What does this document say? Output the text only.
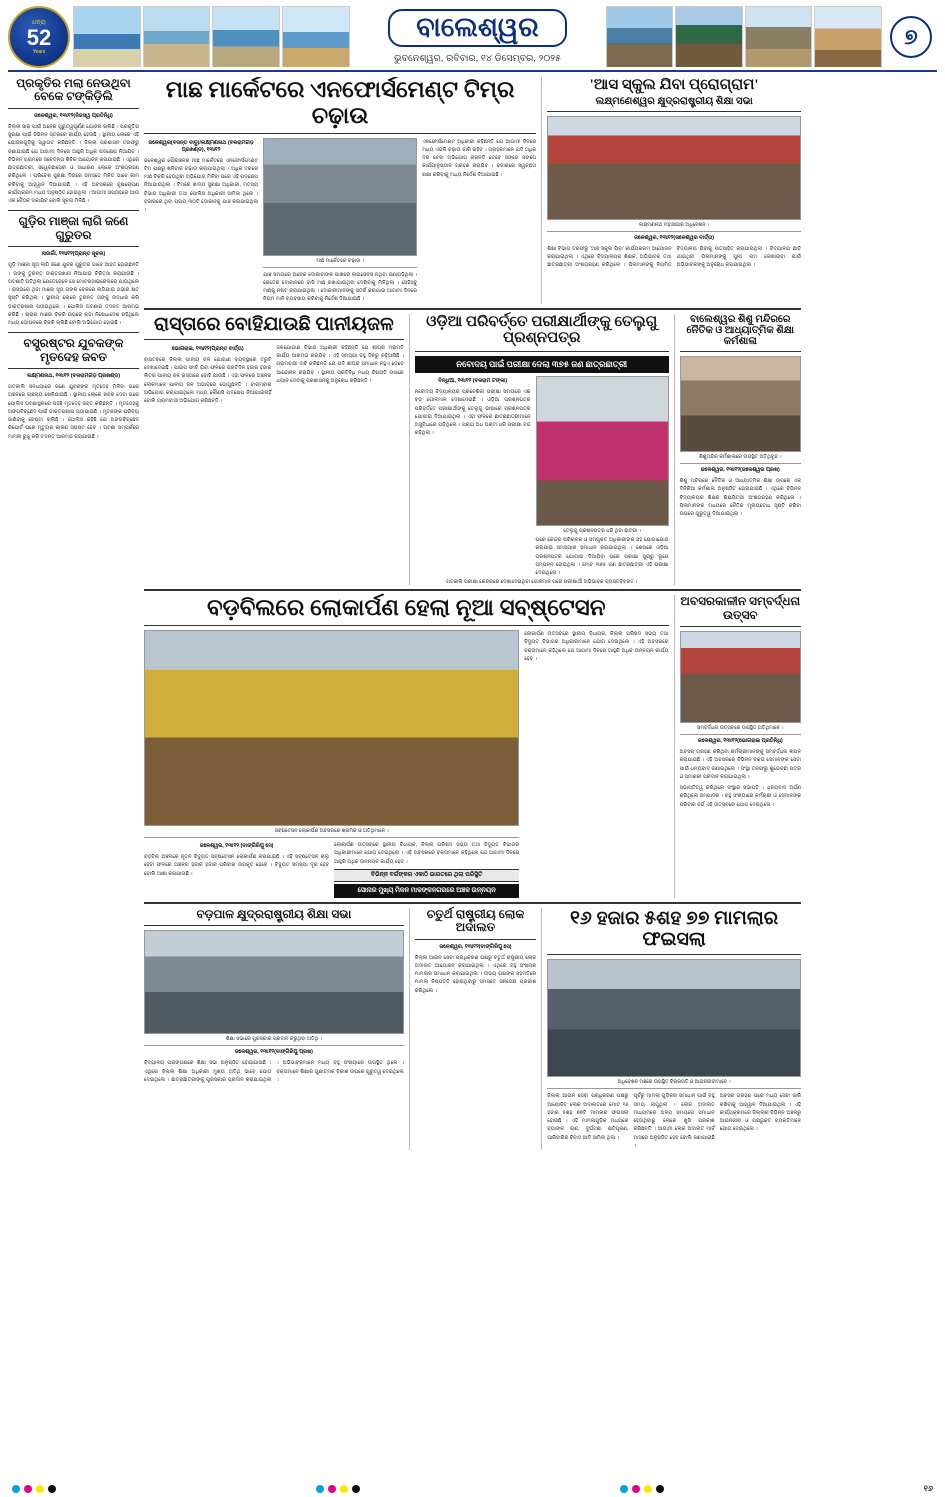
ଧନ୍ୟ
52
Years
ବାଲେଶ୍ୱର
ଭୁବନେଶ୍ୱର, ରବିବାର, ୧୪ ଡିସେମ୍ବର, ୨୦୨୫
୭
ପ୍ରକୃତିର ମଲା ନେଉଥିବା ବେକେ ଟଙ୍କିଡ଼ିଲି
ଜଳେଶ୍ୱର, ୧୩ା୧୨(ନିଜସ୍ୱ ପ୍ରତିନିଧି)
ଜିଲ୍ଲା ସାରା ପାଇଁ ଅନେକ ଗୁରୁତ୍ୱପୂର୍ଣ୍ଣ ଯୋଜନା ଚାଲିଛି । ପ୍ରକୃତିର ସୁରକ୍ଷା ପାଇଁ ବିଭିନ୍ନ ସ୍ତରରେ କାର୍ଯ୍ୟ ହେଉଛି । ସ୍ଥାନୀୟ ଲୋକେ ଏହି ଯୋଜନାଗୁଡ଼ିକୁ ସ୍ୱାଗତ କରିଛନ୍ତି । ଜିଲ୍ଲା ପ୍ରଶାସନ ତରଫରୁ ଜଣାଯାଇଛି ଯେ ଆଗାମୀ ଦିନରେ ଆହୁରି ଅଧିକ ପଦକ୍ଷେପ ନିଆଯିବ । ବିଭିନ୍ନ ଗ୍ରାମରେ ସଚେତନତା ଶିବିର ଆୟୋଜନ କରାଯାଇଛି । ଏଥିରେ ଛାତ୍ରଛାତ୍ରୀ, ସ୍ୱେଚ୍ଛାସେବୀ ଓ ସାଧାରଣ ଲୋକେ ଅଂଶଗ୍ରହଣ କରିଥିଲେ । ପରିବେଶ ସୁରକ୍ଷା ଦିଗରେ ସମସ୍ତେ ମିଳିତ ଭାବେ କାମ କରିବାକୁ ଆହ୍ୱାନ ଦିଆଯାଇଛି । ଏହି ଅବସରରେ ବୃକ୍ଷରୋପଣ କାର୍ଯ୍ୟକ୍ରମ ମଧ୍ୟ ଅନୁଷ୍ଠିତ ହୋଇଥିଲା । ଆଗାମୀ ସପ୍ତାହରେ ଆଉ ଏକ ବୈଠକ ଡକାଯିବ ବୋଲି ସୂଚନା ମିଳିଛି ।
ଗୁଡ଼ିର ମାଞ୍ଜା ଲାଗି ଜଣେ ଗୁରୁତର
ନାଉଗାଁ, ୧୩ା୧୨(ପ୍ରାନ୍ତ ସୂଚନା)
ଗୁଡ଼ି ମାଞ୍ଜା ସୂତା ଲାଗି ଜଣେ ଯୁବକ ଗୁରୁତର ଭାବେ ଆହତ ହୋଇଛନ୍ତି । ତାଙ୍କୁ ତୁରନ୍ତ ଡାକ୍ତରଖାନା ନିଆଯାଇ ଚିକିତ୍ସା କରାଯାଉଛି । ଘଟଣାଟି ଘଟିଥିଲା ଯେତେବେଳେ ସେ ମୋଟରସାଇକେଲରେ ଯାଉଥିଲେ । ରାସ୍ତାରେ ଥିବା ମାଞ୍ଜା ସୂତା ତାଙ୍କ ବେକରେ ଲାଗିଯାଇ ଗଭୀର କ୍ଷତ ସୃଷ୍ଟି କରିଥିଲା । ସ୍ଥାନୀୟ ଲୋକେ ତୁରନ୍ତ ତାଙ୍କୁ ଉଦ୍ଧାର କରି ଡାକ୍ତରଖାନା ପଠାଇଥିଲେ । ପୋଲିସ ଘଟଣାର ତଦନ୍ତ ଆରମ୍ଭ କରିଛି । ଚାଇନା ମାଞ୍ଜା ବିକ୍ରି ଉପରେ କଡ଼ା ନିଷେଧାଦେଶ ରହିଥିଲେ ମଧ୍ୟ ଗୋପନରେ ବିକ୍ରି ଚାଲିଛି ବୋଲି ଅଭିଯୋଗ ହୋଇଛି ।
ବସ୍ତ୍ରଷ୍ଟର ଯୁବକଙ୍କ ମୃତଦେହ ଜବତ
ଲକ୍ଷ୍ମଣନାଥ, ୧୩ା୧୨ (ବଳରାମଗଡ଼ ପ୍ରଖଣ୍ଡ)
ଗତକାଲି ସନ୍ଧ୍ୟାରେ ଜଣେ ଯୁବକଙ୍କ ମୃତଦେହ ମିଳିବା ପରେ ଅଞ୍ଚଳରେ ଚାଞ୍ଚଲ୍ୟ ଖେଳିଯାଇଛି । ସ୍ଥାନୀୟ ଲୋକେ ଖବର ଦେବା ପରେ ପୋଲିସ ଘଟଣାସ୍ଥଳରେ ପହଞ୍ଚି ମୃତଦେହ ଜବତ କରିଛନ୍ତି । ମୃତଦେହକୁ ଅଙ୍ଗବିଚ୍ଛେଦ ପାଇଁ ଡାକ୍ତରଖାନା ପଠାଯାଇଛି । ମୃତକଙ୍କ ପରିଚୟ ଜାଣିବାକୁ ଚେଷ୍ଟା ଚାଲିଛି । ପୋଲିସ କହିଛି ଯେ ଅଙ୍ଗବିଚ୍ଛେଦ ରିପୋର୍ଟ ପରେ ମୃତ୍ୟୁର କାରଣ ସ୍ପଷ୍ଟ ହେବ । ଘଟଣା ସମ୍ପର୍କରେ ମାମଲା ରୁଜୁ କରି ତଦନ୍ତ ଆରମ୍ଭ କରାଯାଇଛି ।
ମାଛ ମାର୍କେଟରେ ଏନଫୋର୍ସମେଣ୍ଟ ଟିମ୍‌ର ଚଢ଼ାଉ
ଜଳେଶ୍ୱର(ବସନ୍ତ ବାବୁ)/ଲକ୍ଷ୍ମଣନାଥ (ବଳରାମଗଡ଼ ପ୍ରଖଣ୍ଡ), ୧୩ା୧୨
ଜଳେଶ୍ୱର ପୌରାଞ୍ଚଳର ମାଛ ମାର୍କେଟରେ ଏନଫୋର୍ସମେଣ୍ଟ ଟିମ ପକ୍ଷରୁ ଶନିବାର ଚଢ଼ାଉ କରାଯାଇଥିଲା । ଅଧିକ ଦରରେ ମାଛ ବିକ୍ରି ହେଉଥିବା ଅଭିଯୋଗ ମିଳିବା ପରେ ଏହି ପଦକ୍ଷେପ ନିଆଯାଇଥିଲା । ଟିମ୍‌ରେ ଖାଦ୍ୟ ସୁରକ୍ଷା ଅଧିକାରୀ, ମତ୍ସ୍ୟ ବିଭାଗ ଅଧିକାରୀ ତଥା ପୋଲିସ ଅଧିକାରୀ ସାମିଲ ଥିଲେ । ବଜାରରେ ଥିବା ପ୍ରାୟ ୩୦ଟି ଦୋକାନକୁ ଯାଞ୍ଚ କରାଯାଇଥିଲା ।
ମାଛ ମାର୍କେଟରେ ଚଢ଼ାଉ ।
ଯାଞ୍ଚ ସମୟରେ ଅନେକ ଦୋକାନୀଙ୍କ ପାଖରେ ଲାଇସେନ୍ସ ନଥିବା ଜଣାପଡ଼ିଥିଲା । କେତେକ ଦୋକାନରେ ବାସି ମାଛ ରଖାଯାଇଥିବା ଦେଖିବାକୁ ମିଳିଥିଲା । ସେହିସବୁ ମାଛକୁ ନଷ୍ଟ କରାଯାଇଥିଲା । ଦୋକାନୀମାନଙ୍କୁ ସତର୍କ କରାଯାଇ ଆଗାମୀ ଦିନରେ ନିୟମ ମାନି ବ୍ୟବସାୟ କରିବାକୁ ନିର୍ଦ୍ଦେଶ ଦିଆଯାଇଛି ।
ଏନଫୋର୍ସମେଣ୍ଟ ଅଧିକାରୀ କହିଛନ୍ତି ଯେ ଆଗାମୀ ଦିନରେ ମଧ୍ୟ ଏଭଳି ଚଢ଼ାଉ ଜାରି ରହିବ । ଗ୍ରାହକମାନେ ଯଦି ଅଧିକ ଦର ନେବା ଅଭିଯୋଗ କରନ୍ତି ତେବେ ସଙ୍ଗେ ସଙ୍ଗେ କାର୍ଯ୍ୟାନୁଷ୍ଠାନ ଗ୍ରହଣ କରାଯିବ । ବଜାରରେ ସ୍ୱଚ୍ଛତା ରକ୍ଷା କରିବାକୁ ମଧ୍ୟ ନିର୍ଦ୍ଦେଶ ଦିଆଯାଇଛି ।
'ଆସ ସ୍କୁଲ ଯିବା ପ୍ରୋଗ୍ରାମ'
ଲକ୍ଷ୍ମଣେଶ୍ୱର କ୍ଷୁଦ୍ରରାଷ୍ଟ୍ରୀୟ ଶିକ୍ଷା ସଭା
ଲକ୍ଷ୍ମଣନାଥ ମହାସଭାର ଅଧିବେଶନ ।
ଜଳେଶ୍ୱର, ୧୩ା୧୨(ଜଳେଶ୍ୱର ବାର୍ତ୍ତା)
ଶିକ୍ଷା ବିଭାଗ ତରଫରୁ 'ଆସ ସ୍କୁଲ ଯିବା' କାର୍ଯ୍ୟକ୍ରମ ଆୟୋଜନ କରାଯାଇଥିଲା । ଏଥିରେ ବିଦ୍ୟାଳୟର ଶିକ୍ଷକ, ଅଭିଭାବକ ତଥା ଛାତ୍ରଛାତ୍ରୀ ଅଂଶଗ୍ରହଣ କରିଥିଲେ । ପିଲାମାନଙ୍କୁ ନିୟମିତ ବିଦ୍ୟାଳୟ ଯିବାକୁ ଉତ୍ସାହିତ କରାଯାଇଥିଲା । ବିଦ୍ୟାଳୟ ଛାଡ଼ି ଯାଇଥିବା ପିଲାମାନଙ୍କୁ ପୁନଃ ନାମ ଲେଖାଇବା ପାଇଁ ଅଭିଭାବକଙ୍କୁ ଅନୁରୋଧ କରାଯାଇଥିଲା ।
ରାସ୍ତାରେ ବୋହିଯାଉଛି ପାନୀୟଜଳ
ଭୋଗରାଇ, ୧୩ା୧୨(ପ୍ରାନ୍ତ ବାର୍ତ୍ତା)
ବାସ୍ତବରେ ଜିଲ୍ଲା ପାନୀୟ ଜଳ ଯୋଗାଣ ବ୍ୟବସ୍ଥାରେ ତ୍ରୁଟି ଦେଖାଦେଇଛି । ପାଇପ ଫାଟି ଯିବା ଫଳରେ ପ୍ରତିଦିନ ହଜାର ହଜାର ଲିଟର ପାନୀୟ ଜଳ ରାସ୍ତାରେ ବୋହି ଯାଉଛି । ଏହା ଫଳରେ ଅଞ୍ଚଳର ଲୋକମାନେ ପାନୀୟ ଜଳ ଅଭାବରେ ଭୋଗୁଛନ୍ତି । ବାରମ୍ବାର ଅଭିଯୋଗ କରାଯାଇଥିଲେ ମଧ୍ୟ କୌଣସି ପଦକ୍ଷେପ ନିଆଯାଇନାହିଁ ବୋଲି ଗ୍ରାମବାସୀ ଅଭିଯୋଗ କରିଛନ୍ତି ।
ଜଳଯୋଗାଣ ବିଭାଗ ଅଧିକାରୀ କହିଛନ୍ତି ଯେ ଶୀଘ୍ର ମରାମତି କାର୍ଯ୍ୟ ଆରମ୍ଭ କରାଯିବ । ଏହି ସମସ୍ୟା ବହୁ ଦିନରୁ ରହିଆସିଛି । ଗ୍ରାମବାସୀ ଦାବି କରିଛନ୍ତି ଯେ ଯଦି ଶୀଘ୍ର ସମାଧାନ ନହୁଏ ତେବେ ଆନ୍ଦୋଳନ କରାଯିବ । ସ୍ଥାନୀୟ ପ୍ରତିନିଧି ମଧ୍ୟ ବିଷୟଟି ଉପରେ ଧ୍ୟାନ ଦେବାକୁ ପ୍ରଶାସନକୁ ଅନୁରୋଧ କରିଛନ୍ତି ।
ଓଡ଼ିଆ ପରିବର୍ତ୍ତେ ପରୀକ୍ଷାର୍ଥୀଙ୍କୁ ତେଲୁଗୁ ପ୍ରଶ୍ନପତ୍ର
ନବୋଦୟ ପାଇଁ ପରୀକ୍ଷା ଦେଲା ୩୭୫ ଜଣ ଛାତ୍ରଛାତ୍ରୀ
ବିନ୍ଧିଆ, ୧୩ା୧୨ (ବଳରାମ ଟଙ୍କା)
ନବୋଦୟ ବିଦ୍ୟାଳୟର ପ୍ରବେଶିକା ପରୀକ୍ଷା ସମୟରେ ଏକ ବଡ଼ ଗୋଳମାଳ ଦେଖାଦେଇଛି । ଓଡ଼ିଆ ପ୍ରଶ୍ନପତ୍ର ପରିବର୍ତ୍ତେ ପରୀକ୍ଷାର୍ଥୀଙ୍କୁ ତେଲୁଗୁ ଭାଷାରେ ପ୍ରଶ୍ନପତ୍ର ଯୋଗାଇ ଦିଆଯାଇଥିଲା । ଏହା ଫଳରେ ଛାତ୍ରଛାତ୍ରୀମାନେ ଅସୁବିଧାରେ ପଡ଼ିଥିଲେ । ପ୍ରାୟ ଅଧ ଘଣ୍ଟା ଧରି ପରୀକ୍ଷା ବନ୍ଦ ରହିଥିଲା ।
ତେଲୁଗୁ ପ୍ରଶ୍ନପତ୍ର ଧରି ଥିବା ଛାତ୍ରୀ ।
ପରେ କେନ୍ଦ୍ର ପରିଚାଳକ ଓ ସମ୍ପୃକ୍ତ ଅଧିକାରୀଙ୍କ ସହ ଯୋଗାଯୋଗ କରାଯାଇ ସମସ୍ୟାର ସମାଧାନ କରାଯାଇଥିଲା । ଶେଷରେ ଓଡ଼ିଆ ପ୍ରଶ୍ନପତ୍ର ଯୋଗାଇ ଦିଆଯିବା ପରେ ପରୀକ୍ଷା ସୁଚାରୁ ରୂପେ ସମ୍ପନ୍ନ ହୋଇଥିଲା । ମୋଟ ୩୭୫ ଜଣ ଛାତ୍ରଛାତ୍ରୀ ଏହି ପରୀକ୍ଷା ଦେଇଥିଲେ ।
ଗତକାଲି ପରୀକ୍ଷା କେନ୍ଦ୍ରରେ ଦେଖାଦେଇଥିବା ଗୋଳମାଳ ପରେ ପରୀକ୍ଷାର୍ଥୀ ଅଭିଭାବକ ବ୍ୟସ୍ତବିବ୍ରତ ।
ବାଲେଶ୍ୱର ଶିଶୁ ମନ୍ଦିରରେ ନୈତିକ ଓ ଆଧ୍ୟାତ୍ମିକ ଶିକ୍ଷା କର୍ମଶାଳା
ଶିଶୁମନ୍ଦିର କର୍ମଶାଳାରେ ଉପସ୍ଥିତ ଅତିଥିବୃନ୍ଦ ।
ଜଳେଶ୍ୱର, ୧୩ା୧୨(ଜଳେଶ୍ୱର ପ୍ରଖ)
ଶିଶୁ ମନ୍ଦିରରେ ନୈତିକ ଓ ଆଧ୍ୟାତ୍ମିକ ଶିକ୍ଷା ଉପରେ ଏକ ଦିନିକିଆ କର୍ମଶାଳା ଅନୁଷ୍ଠିତ ହୋଇଯାଇଛି । ଏଥିରେ ବିଭିନ୍ନ ବିଦ୍ୟାଳୟର ଶିକ୍ଷକ ଶିକ୍ଷୟିତ୍ରୀ ଅଂଶଗ୍ରହଣ କରିଥିଲେ । ପିଲାମାନଙ୍କ ମଧ୍ୟରେ ନୈତିକ ମୂଲ୍ୟବୋଧ ସୃଷ୍ଟି କରିବା ଉପରେ ଗୁରୁତ୍ୱ ଦିଆଯାଇଥିଲା ।
ବଡ଼ବିଲରେ ଲୋକାର୍ପଣ ହେଲା ନୂଆ ସବ୍‌ଷ୍ଟେସନ
ସବ୍‌ଷ୍ଟେସନ ଲୋକାର୍ପଣ ଅବସରରେ ଶ୍ରମିକ ଓ ଅତିଥିମାନେ ।
ଜଳେଶ୍ୱର, ୧୩ା୧୨ (ବାଙ୍ଗିରିପୁ ସେ)
ବଡ଼ବିଲ ଅଞ୍ଚଳରେ ନୂତନ ବିଦ୍ୟୁତ ସବ୍‌ଷ୍ଟେସନ ଲୋକାର୍ପଣ କରାଯାଇଛି । ଏହି ସବ୍‌ଷ୍ଟେସନ ଚାଲୁ ହେବା ଫଳରେ ଅଞ୍ଚଳର ହଜାର ହଜାର ପରିବାର ଉପକୃତ ହେବେ । ବିଦ୍ୟୁତ ସମସ୍ୟା ଦୂର ହେବ ବୋଲି ଆଶା କରାଯାଉଛି ।
ଲୋକାର୍ପଣ ଉତ୍ସବରେ ସ୍ଥାନୀୟ ବିଧାୟକ, ଜିଲ୍ଲା ପରିଷଦ ସଭ୍ୟ ତଥା ବିଦ୍ୟୁତ ବିଭାଗର ଅଧିକାରୀମାନେ ଯୋଗ ଦେଇଥିଲେ । ଏହି ଅବସରରେ ବକ୍ତାମାନେ କହିଥିଲେ ଯେ ଆଗାମୀ ଦିନରେ ଆହୁରି ଅଧିକ ଉନ୍ନୟନ କାର୍ଯ୍ୟ ହେବ ।
ବିଭିନ୍ନ ବର୍ଗଙ୍କର ଏକାଠି ଭାରତରେ ଥିଲା ପରିସ୍ଥିତି
ସୋନାର ମୁଖ୍ୟ ମିଳନ ମାଳଙ୍କନଗରରେ ଅଞ୍ଚଳ ଉନ୍ନୟନ
ଲୋକାର୍ପଣ ଉତ୍ସବରେ ସ୍ଥାନୀୟ ବିଧାୟକ, ଜିଲ୍ଲା ପରିଷଦ ସଭ୍ୟ ତଥା ବିଦ୍ୟୁତ ବିଭାଗର ଅଧିକାରୀମାନେ ଯୋଗ ଦେଇଥିଲେ । ଏହି ଅବସରରେ ବକ୍ତାମାନେ କହିଥିଲେ ଯେ ଆଗାମୀ ଦିନରେ ଆହୁରି ଅଧିକ ଉନ୍ନୟନ କାର୍ଯ୍ୟ ହେବ ।
ଅବସରକାଳୀନ ସମ୍ବର୍ଦ୍ଧନା ଉତ୍ସବ
ସମ୍ବର୍ଦ୍ଧନା ଉତ୍ସବରେ ଉପସ୍ଥିତ ଅତିଥିମାନେ ।
ଜଳେଶ୍ୱର, ୧୩ା୧୨(ଭୋଗରାଇ ପ୍ରତିନିଧି)
ଅବସର ଗ୍ରହଣ କରିଥିବା କର୍ମଚାରୀମାନଙ୍କୁ ସମ୍ବର୍ଦ୍ଧନା ଜ୍ଞାପନ କରାଯାଇଛି । ଏହି ଅବସରରେ ବିଭିନ୍ନ ବକ୍ତା ସେମାନଙ୍କ ସେବା ପାଇଁ ଧନ୍ୟବାଦ ଜଣାଇଥିଲେ । ସଂସ୍ଥା ତରଫରୁ ଶୁଭେଚ୍ଛା ପତ୍ର ଓ ସ୍ମାରକୀ ପ୍ରଦାନ କରାଯାଇଥିଲା ।
ସଭାପତିତ୍ୱ କରିଥିଲେ ସଂସ୍ଥାର ସଭାପତି । ଧନ୍ୟବାଦ ଅର୍ପଣ କରିଥିଲେ ସମ୍ପାଦକ । ବହୁ ସଂଖ୍ୟାରେ କର୍ମଚାରୀ ଓ ସେମାନଙ୍କ ପରିବାର ବର୍ଗ ଏହି ଉତ୍ସବରେ ଯୋଗ ଦେଇଥିଲେ ।
ବଡ଼ପାଳ କ୍ଷୁଦ୍ରରାଷ୍ଟ୍ରୀୟ ଶିକ୍ଷା ସଭା
ଶିକ୍ଷା ସଭାରେ ପୁରସ୍କାର ପ୍ରଦାନ କରୁଥିବା ଅତିଥି ।
ଜଳେଶ୍ୱର, ୧୩ା୧୨(ବାଙ୍ଗିରିପୁ ପ୍ରଖ)
ବିଦ୍ୟାଳୟ ପ୍ରାଙ୍ଗଣରେ ଶିକ୍ଷା ସଭା ଅନୁଷ୍ଠିତ ହୋଇଯାଇଛି । ଏଥିରେ ଜିଲ୍ଲା ଶିକ୍ଷା ଅଧିକାରୀ ମୁଖ୍ୟ ଅତିଥି ଭାବେ ଯୋଗ ଦେଇଥିଲେ । ଛାତ୍ରଛାତ୍ରୀଙ୍କୁ ପୁରସ୍କାର ପ୍ରଦାନ କରାଯାଇଥିଲା । ଅଭିଭାବକମାନେ ମଧ୍ୟ ବହୁ ସଂଖ୍ୟାରେ ଉପସ୍ଥିତ ଥିଲେ । ବକ୍ତାମାନେ ଶିକ୍ଷାର ଗୁଣାତ୍ମକ ବିକାଶ ଉପରେ ଗୁରୁତ୍ୱ ଦେଇଥିଲେ ।
ଚତୁର୍ଥ ରାଷ୍ଟ୍ରୀୟ ଲୋକ ଅଦାଲତ
ଜଳେଶ୍ୱର, ୧୩ା୧୨(ବାଙ୍ଗିରିପୁ ସେ)
ଜିଲ୍ଲା ଆଇନ ସେବା ପ୍ରାଧିକରଣ ପକ୍ଷରୁ ଚତୁର୍ଥ ରାଷ୍ଟ୍ରୀୟ ଲୋକ ଅଦାଲତ ଆୟୋଜନ କରାଯାଇଥିଲା । ଏଥିରେ ବହୁ ସଂଖ୍ୟକ ମାମଲାର ସମାଧାନ କରାଯାଇଥିଲା । ଉଭୟ ପକ୍ଷଙ୍କ ସହମତିରେ ମାମଲା ନିଷ୍ପତ୍ତି ହୋଇଥିବାରୁ ସମସ୍ତେ ସନ୍ତୋଷ ପ୍ରକାଶ କରିଥିଲେ ।
୧୬ ହଜାର ୫ଶହ ୭୭ ମାମଲାର ଫଇସଲା
ଅଧିବେଶନ ମଞ୍ଚରେ ଉପସ୍ଥିତ ବିଚାରପତି ଓ ଆଇନଜୀବୀମାନେ ।
ଜିଲ୍ଲା ଆଇନ ସେବା ପ୍ରାଧିକରଣ ପକ୍ଷରୁ ଆୟୋଜିତ ଲୋକ ଅଦାଲତରେ ମୋଟ ୧୬ ହଜାର ୫ଶହ ୭୭ଟି ମାମଲାର ଫଇସଲା ହୋଇଛି । ଏହି ମାମଲାଗୁଡ଼ିକ ମଧ୍ୟରେ ବ୍ୟାଙ୍କ ଋଣ, ଦୁର୍ଘଟଣା କ୍ଷତିପୂରଣ, ପାରିବାରିକ ବିବାଦ ଆଦି ସାମିଲ ଥିଲା ।
ପୂର୍ବରୁ ମାମଲା ଗୁଡ଼ିକର ସମାଧାନ ପାଇଁ ବହୁ ସମୟ ଲାଗୁଥିଲା । ଲୋକ ଅଦାଲତ ମାଧ୍ୟମରେ ଅଳ୍ପ ସମୟରେ ସମାଧାନ ହେଉଥିବାରୁ ଲୋକେ ଖୁସି ପ୍ରକାଶ କରିଛନ୍ତି । ଆଗାମୀ ଲୋକ ଅଦାଲତ ମାର୍ଚ୍ଚ ମାସରେ ଅନୁଷ୍ଠିତ ହେବ ବୋଲି ଜଣାଯାଇଛି ।
ଅବସର ଗ୍ରହଣ ପରେ ମଧ୍ୟ ସେବା ଜାରି ରଖିବାକୁ ଆହ୍ୱାନ ଦିଆଯାଇଥିଲା । ଏହି କାର୍ଯ୍ୟକ୍ରମରେ ଜିଲ୍ଲାର ବିଭିନ୍ନ ଅଞ୍ଚଳରୁ ଆଇନଜୀବୀ ଓ ପକ୍ଷଭୁକ୍ତ ବ୍ୟକ୍ତିମାନେ ଯୋଗ ଦେଇଥିଲେ ।
୧୬
